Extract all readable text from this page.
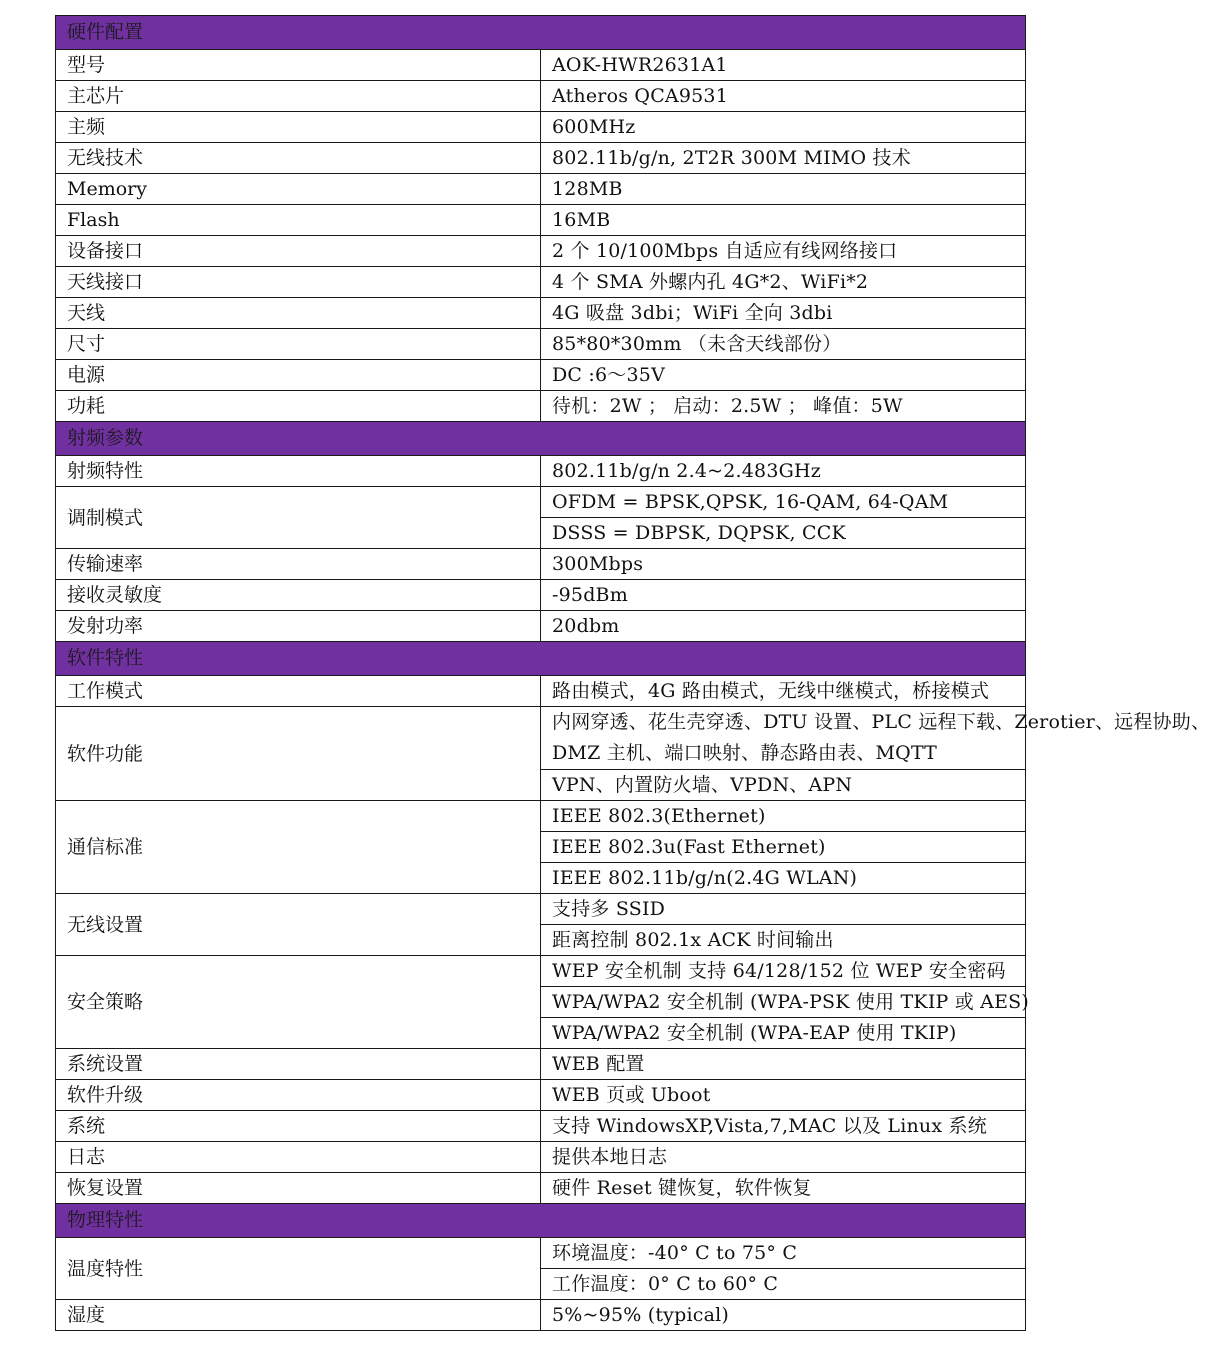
硬件配置	
型号	AOK-HWR2631A1

主芯片	Atheros QCA9531

主频	600MHz

无线技术	802.11b/g/n, 2T2R 300M MIMO 技术

Memory	128MB

Flash	16MB

设备接口	2 个 10/100Mbps 自适应有线网络接口

天线接口	4 个 SMA 外螺内孔 4G*2、WiFi*2

天线	4G 吸盘 3dbi；WiFi 全向 3dbi

尺寸	85*80*30mm （未含天线部份）

电源	DC :6～35V

功耗	待机：2W ； 启动：2.5W ； 峰值：5W

射频参数	
射频特性	802.11b/g/n 2.4~2.483GHz

调制模式	OFDM = BPSK,QPSK, 16-QAM, 64-QAM

	DSSS = DBPSK, DQPSK, CCK

传输速率	300Mbps

接收灵敏度	-95dBm

发射功率	20dbm

软件特性	
工作模式	路由模式，4G 路由模式，无线中继模式，桥接模式

软件功能	内网穿透、花生壳穿透、DTU 设置、PLC 远程下载、Zerotier、远程协助、
DMZ 主机、端口映射、静态路由表、MQTT

	VPN、内置防火墙、VPDN、APN

通信标准	IEEE 802.3(Ethernet)

	IEEE 802.3u(Fast Ethernet)

	IEEE 802.11b/g/n(2.4G WLAN)

无线设置	支持多 SSID

	距离控制 802.1x ACK 时间输出

安全策略	WEP 安全机制 支持 64/128/152 位 WEP 安全密码

	WPA/WPA2 安全机制 (WPA-PSK 使用 TKIP 或 AES)

	WPA/WPA2 安全机制 (WPA-EAP 使用 TKIP)

系统设置	WEB 配置

软件升级	WEB 页或 Uboot

系统	支持 WindowsXP,Vista,7,MAC 以及 Linux 系统

日志	提供本地日志

恢复设置	硬件 Reset 键恢复，软件恢复

物理特性	
温度特性	环境温度：-40° C to 75° C

	工作温度：0° C to 60° C

湿度	5%~95% (typical)
